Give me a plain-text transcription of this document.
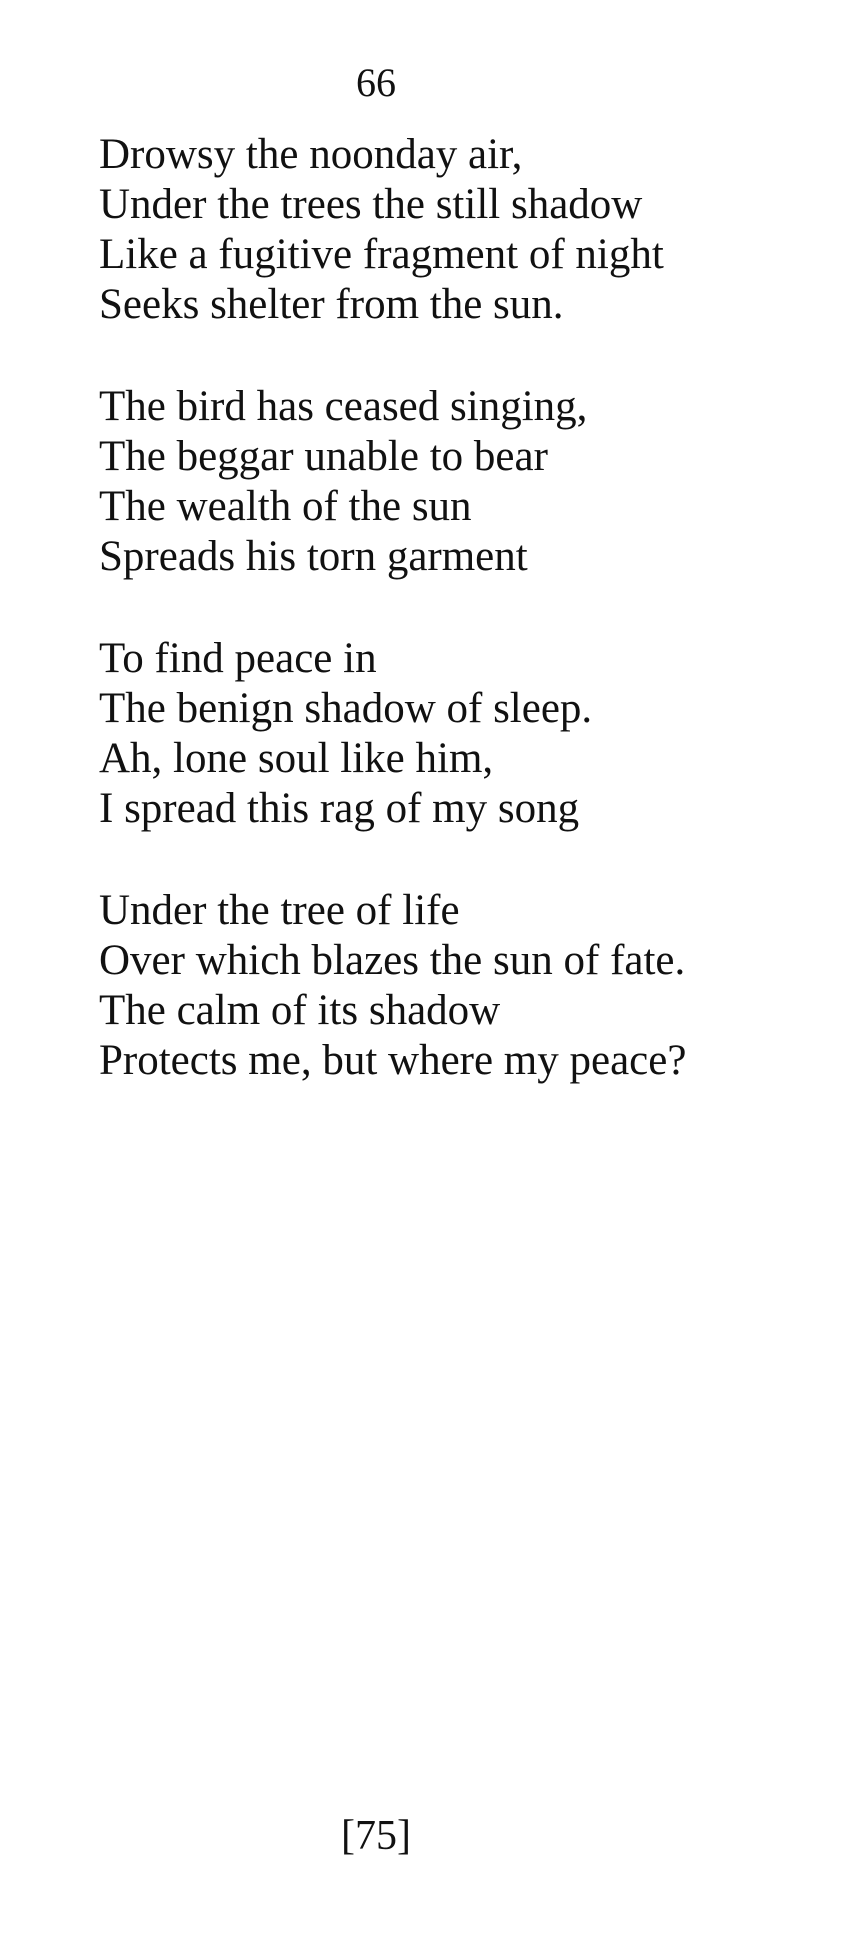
66
Drowsy the noonday air,
Under the trees the still shadow
Like a fugitive fragment of night
Seeks shelter from the sun.
The bird has ceased singing,
The beggar unable to bear
The wealth of the sun
Spreads his torn garment
To find peace in
The benign shadow of sleep.
Ah, lone soul like him,
I spread this rag of my song
Under the tree of life
Over which blazes the sun of fate.
The calm of its shadow
Protects me, but where my peace?
[75]
